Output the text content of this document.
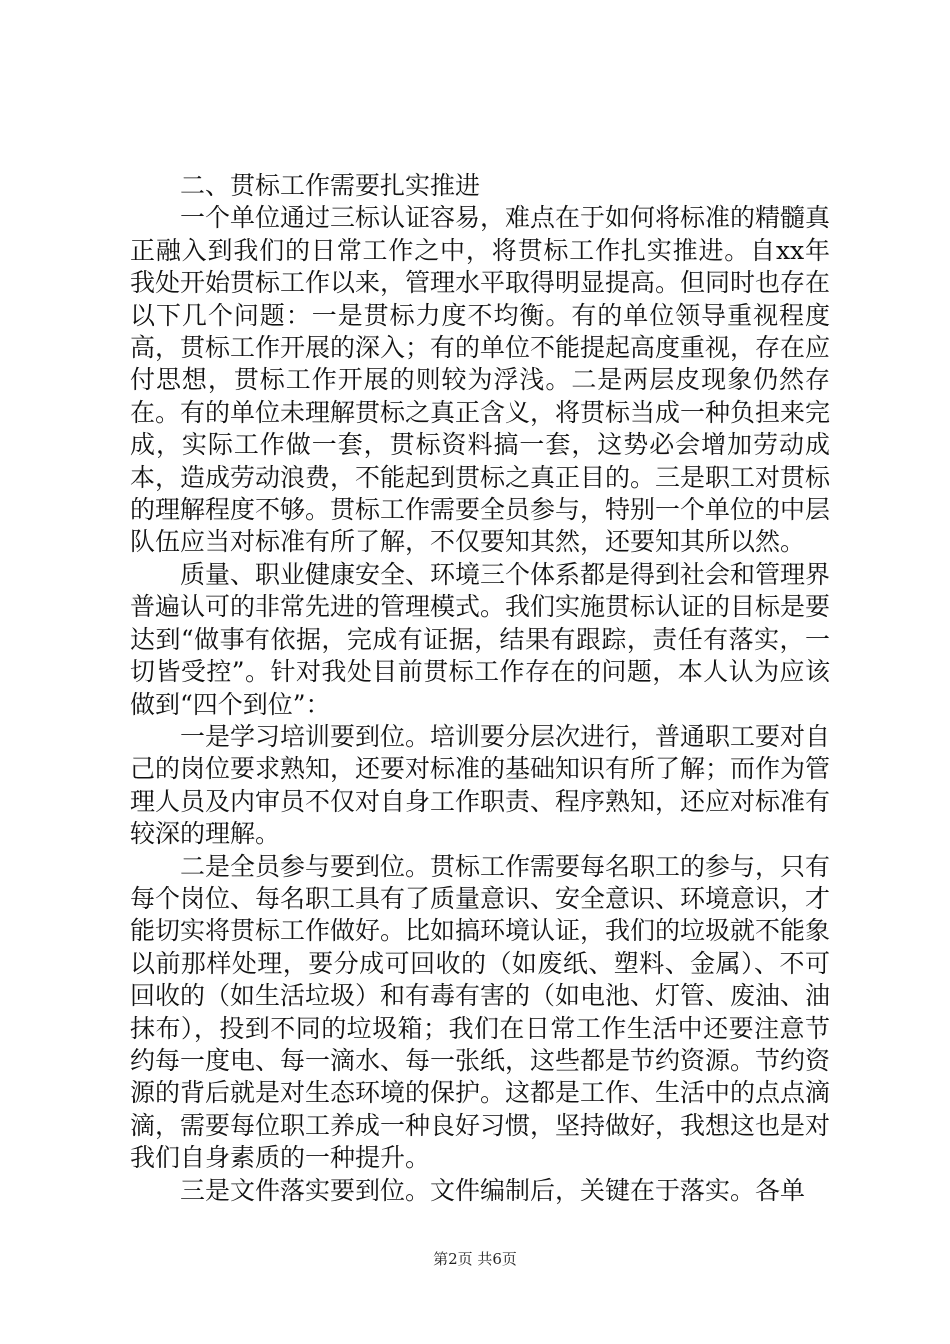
二、贯标工作需要扎实推进

一个单位通过三标认证容易，难点在于如何将标准的精髓真正融入到我们的日常工作之中，将贯标工作扎实推进。自xx年我处开始贯标工作以来，管理水平取得明显提高。但同时也存在以下几个问题：一是贯标力度不均衡。有的单位领导重视程度高，贯标工作开展的深入；有的单位不能提起高度重视，存在应付思想，贯标工作开展的则较为浮浅。二是两层皮现象仍然存在。有的单位未理解贯标之真正含义，将贯标当成一种负担来完成，实际工作做一套，贯标资料搞一套，这势必会增加劳动成本，造成劳动浪费，不能起到贯标之真正目的。三是职工对贯标的理解程度不够。贯标工作需要全员参与，特别一个单位的中层队伍应当对标准有所了解，不仅要知其然，还要知其所以然。

质量、职业健康安全、环境三个体系都是得到社会和管理界普遍认可的非常先进的管理模式。我们实施贯标认证的目标是要达到“做事有依据，完成有证据，结果有跟踪，责任有落实，一切皆受控”。针对我处目前贯标工作存在的问题，本人认为应该做到“四个到位”：

一是学习培训要到位。培训要分层次进行，普通职工要对自己的岗位要求熟知，还要对标准的基础知识有所了解；而作为管理人员及内审员不仅对自身工作职责、程序熟知，还应对标准有较深的理解。

二是全员参与要到位。贯标工作需要每名职工的参与，只有每个岗位、每名职工具有了质量意识、安全意识、环境意识，才能切实将贯标工作做好。比如搞环境认证，我们的垃圾就不能象以前那样处理，要分成可回收的（如废纸、塑料、金属）、不可回收的（如生活垃圾）和有毒有害的（如电池、灯管、废油、油抹布），投到不同的垃圾箱；我们在日常工作生活中还要注意节约每一度电、每一滴水、每一张纸，这些都是节约资源。节约资源的背后就是对生态环境的保护。这都是工作、生活中的点点滴滴，需要每位职工养成一种良好习惯，坚持做好，我想这也是对我们自身素质的一种提升。

三是文件落实要到位。文件编制后，关键在于落实。各单

第2页 共6页
